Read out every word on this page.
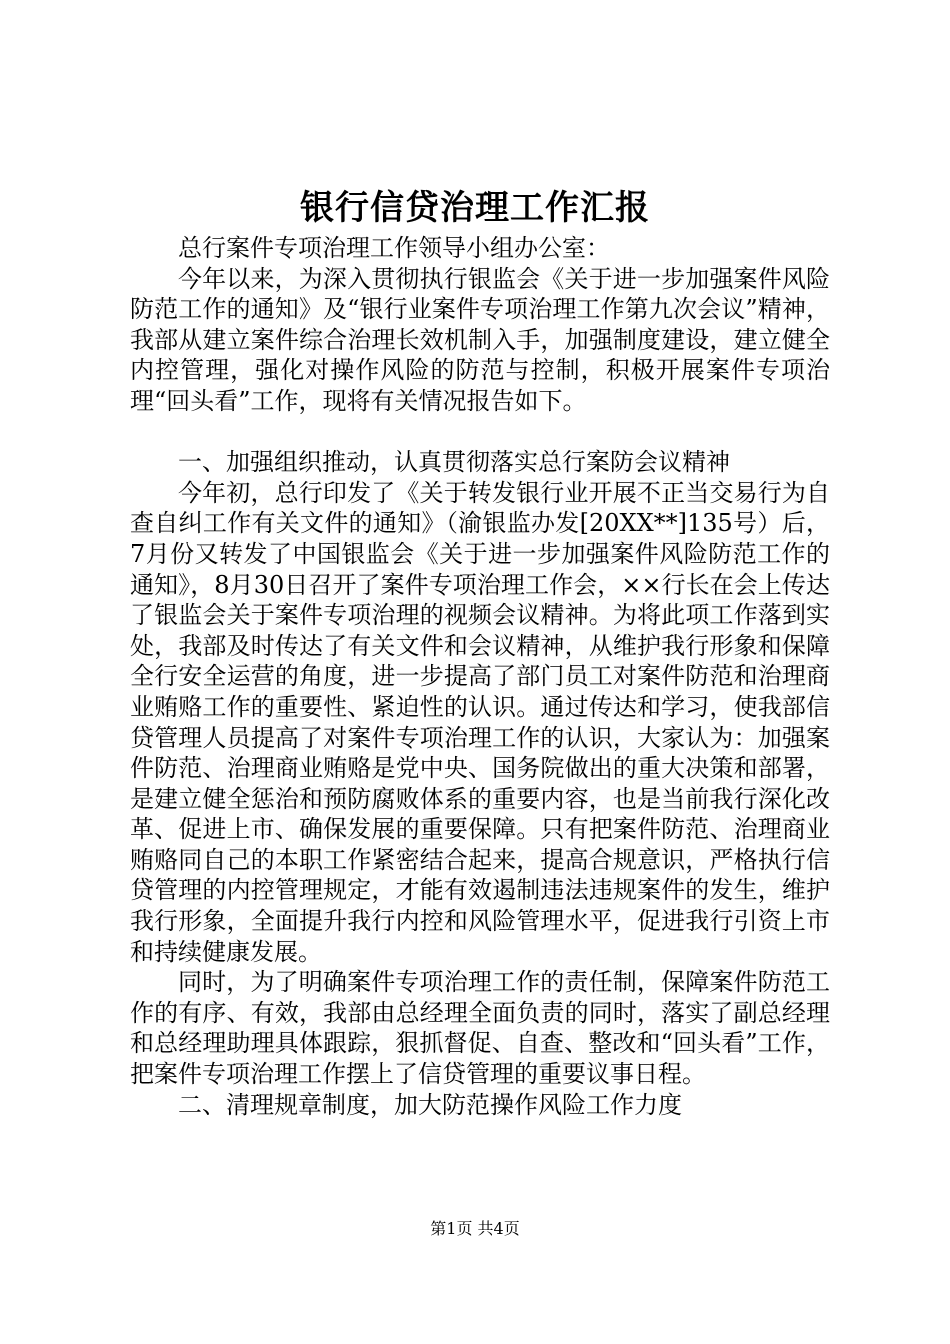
银行信贷治理工作汇报

总行案件专项治理工作领导小组办公室：

今年以来，为深入贯彻执行银监会《关于进一步加强案件风险防范工作的通知》及“银行业案件专项治理工作第九次会议”精神，我部从建立案件综合治理长效机制入手，加强制度建设，建立健全内控管理，强化对操作风险的防范与控制，积极开展案件专项治理“回头看”工作，现将有关情况报告如下。

一、加强组织推动，认真贯彻落实总行案防会议精神

今年初，总行印发了《关于转发银行业开展不正当交易行为自查自纠工作有关文件的通知》（渝银监办发[20XX**]135号）后，7月份又转发了中国银监会《关于进一步加强案件风险防范工作的通知》，8月30日召开了案件专项治理工作会，××行长在会上传达了银监会关于案件专项治理的视频会议精神。为将此项工作落到实处，我部及时传达了有关文件和会议精神，从维护我行形象和保障全行安全运营的角度，进一步提高了部门员工对案件防范和治理商业贿赂工作的重要性、紧迫性的认识。通过传达和学习，使我部信贷管理人员提高了对案件专项治理工作的认识，大家认为：加强案件防范、治理商业贿赂是党中央、国务院做出的重大决策和部署，是建立健全惩治和预防腐败体系的重要内容，也是当前我行深化改革、促进上市、确保发展的重要保障。只有把案件防范、治理商业贿赂同自己的本职工作紧密结合起来，提高合规意识，严格执行信贷管理的内控管理规定，才能有效遏制违法违规案件的发生，维护我行形象，全面提升我行内控和风险管理水平，促进我行引资上市和持续健康发展。

同时，为了明确案件专项治理工作的责任制，保障案件防范工作的有序、有效，我部由总经理全面负责的同时，落实了副总经理和总经理助理具体跟踪，狠抓督促、自查、整改和“回头看”工作，把案件专项治理工作摆上了信贷管理的重要议事日程。

二、清理规章制度，加大防范操作风险工作力度

第1页 共4页
